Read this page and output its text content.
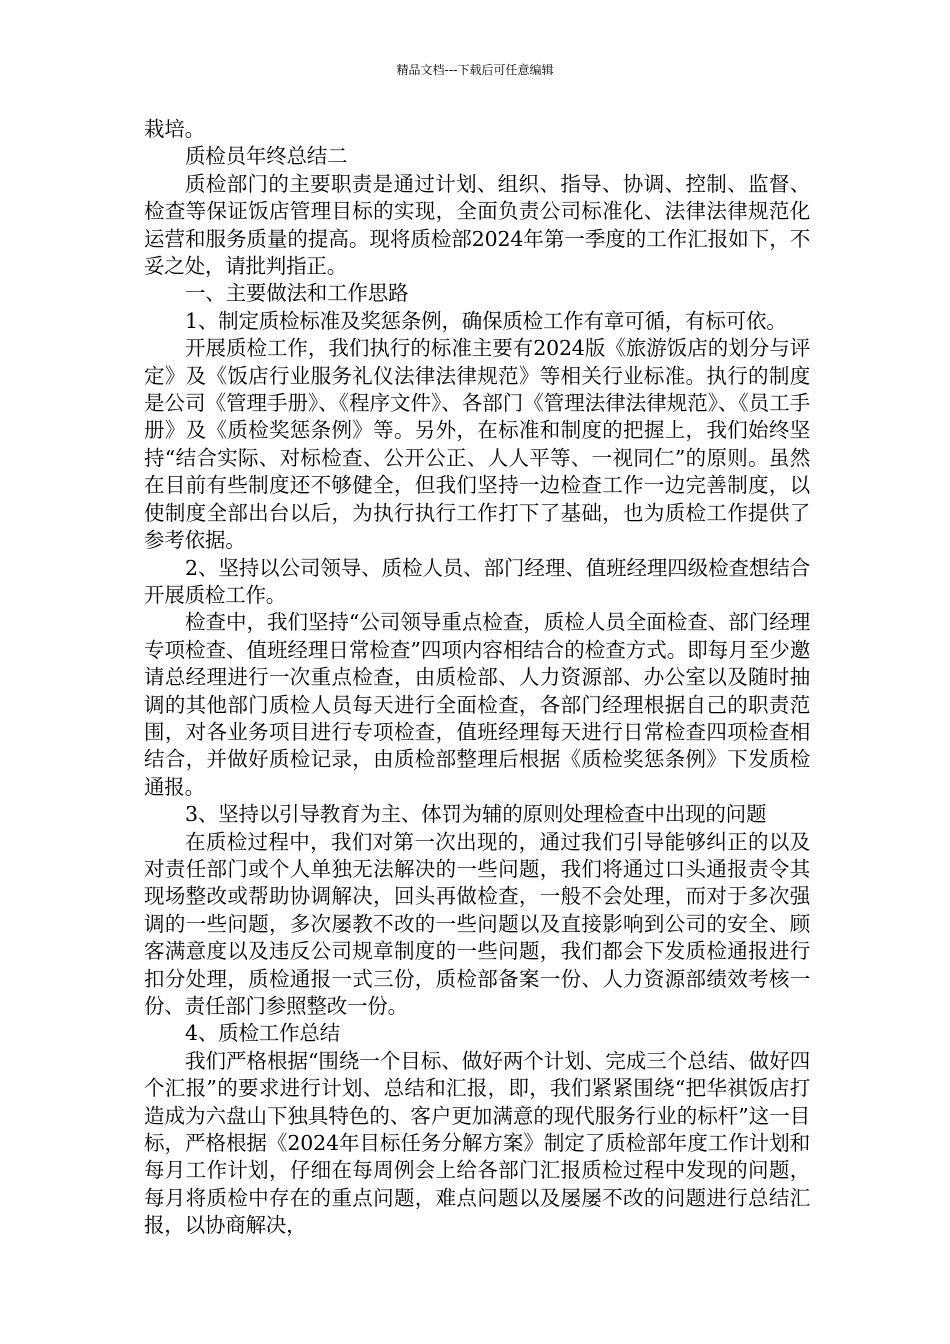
精品文档---下载后可任意编辑

栽培。

质检员年终总结二

质检部门的主要职责是通过计划、组织、指导、协调、控制、监督、检查等保证饭店管理目标的实现，全面负责公司标准化、法律法律规范化运营和服务质量的提高。现将质检部2024年第一季度的工作汇报如下，不妥之处，请批判指正。

一、主要做法和工作思路

1、制定质检标准及奖惩条例，确保质检工作有章可循，有标可依。

开展质检工作，我们执行的标准主要有2024版《旅游饭店的划分与评定》及《饭店行业服务礼仪法律法律规范》等相关行业标准。执行的制度是公司《管理手册》、《程序文件》、各部门《管理法律法律规范》、《员工手册》及《质检奖惩条例》等。另外，在标准和制度的把握上，我们始终坚持“结合实际、对标检查、公开公正、人人平等、一视同仁”的原则。虽然在目前有些制度还不够健全，但我们坚持一边检查工作一边完善制度，以使制度全部出台以后，为执行执行工作打下了基础，也为质检工作提供了参考依据。

2、坚持以公司领导、质检人员、部门经理、值班经理四级检查想结合开展质检工作。

检查中，我们坚持“公司领导重点检查，质检人员全面检查、部门经理专项检查、值班经理日常检查”四项内容相结合的检查方式。即每月至少邀请总经理进行一次重点检查，由质检部、人力资源部、办公室以及随时抽调的其他部门质检人员每天进行全面检查，各部门经理根据自己的职责范围，对各业务项目进行专项检查，值班经理每天进行日常检查四项检查相结合，并做好质检记录，由质检部整理后根据《质检奖惩条例》下发质检通报。

3、坚持以引导教育为主、体罚为辅的原则处理检查中出现的问题

在质检过程中，我们对第一次出现的，通过我们引导能够纠正的以及对责任部门或个人单独无法解决的一些问题，我们将通过口头通报责令其现场整改或帮助协调解决，回头再做检查，一般不会处理，而对于多次强调的一些问题，多次屡教不改的一些问题以及直接影响到公司的安全、顾客满意度以及违反公司规章制度的一些问题，我们都会下发质检通报进行扣分处理，质检通报一式三份，质检部备案一份、人力资源部绩效考核一份、责任部门参照整改一份。

4、质检工作总结

我们严格根据“围绕一个目标、做好两个计划、完成三个总结、做好四个汇报”的要求进行计划、总结和汇报，即，我们紧紧围绕“把华祺饭店打造成为六盘山下独具特色的、客户更加满意的现代服务行业的标杆”这一目标，严格根据《2024年目标任务分解方案》制定了质检部年度工作计划和每月工作计划，仔细在每周例会上给各部门汇报质检过程中发现的问题，每月将质检中存在的重点问题，难点问题以及屡屡不改的问题进行总结汇报，以协商解决，
